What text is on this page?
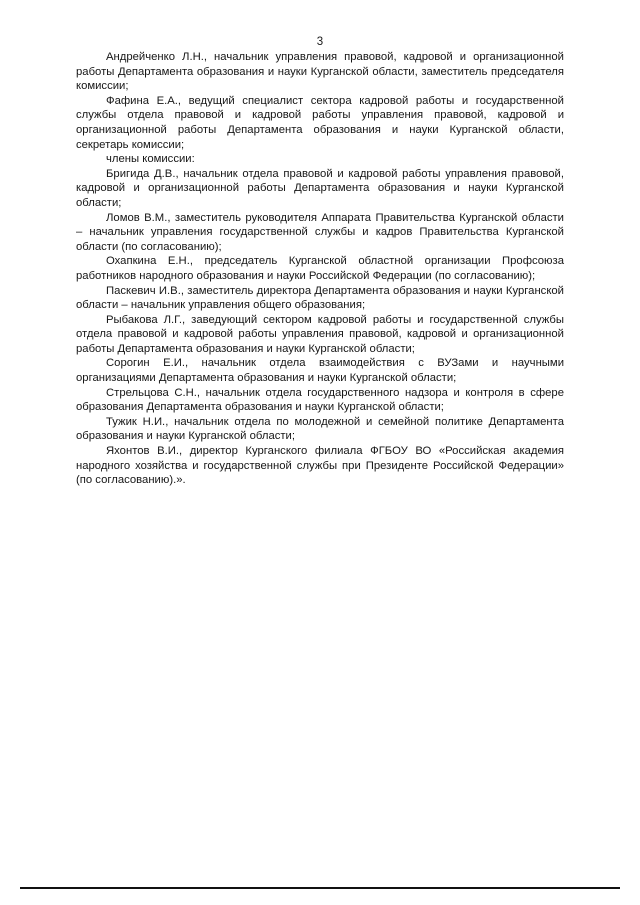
3

Андрейченко Л.Н., начальник управления правовой, кадровой и организационной работы Департамента образования и науки Курганской области, заместитель председателя комиссии;

Фафина Е.А., ведущий специалист сектора кадровой работы и государственной службы отдела правовой и кадровой работы управления правовой, кадровой и организационной работы Департамента образования и науки Курганской области, секретарь комиссии;

члены комиссии:

Бригида Д.В., начальник отдела правовой и кадровой работы управления правовой, кадровой и организационной работы Департамента образования и науки Курганской области;

Ломов В.М., заместитель руководителя Аппарата Правительства Курганской области – начальник управления государственной службы и кадров Правительства Курганской области (по согласованию);

Охапкина Е.Н., председатель Курганской областной организации Профсоюза работников народного образования и науки Российской Федерации (по согласованию);

Паскевич И.В., заместитель директора Департамента образования и науки Курганской области – начальник управления общего образования;

Рыбакова Л.Г., заведующий сектором кадровой работы и государственной службы отдела правовой и кадровой работы управления правовой, кадровой и организационной работы Департамента образования и науки Курганской области;

Сорогин Е.И., начальник отдела взаимодействия с ВУЗами и научными организациями Департамента образования и науки Курганской области;

Стрельцова С.Н., начальник отдела государственного надзора и контроля в сфере образования Департамента образования и науки Курганской области;

Тужик Н.И., начальник отдела по молодежной и семейной политике Департамента образования и науки Курганской области;

Яхонтов В.И., директор Курганского филиала ФГБОУ ВО «Российская академия народного хозяйства и государственной службы при Президенте Российской Федерации» (по согласованию).».
